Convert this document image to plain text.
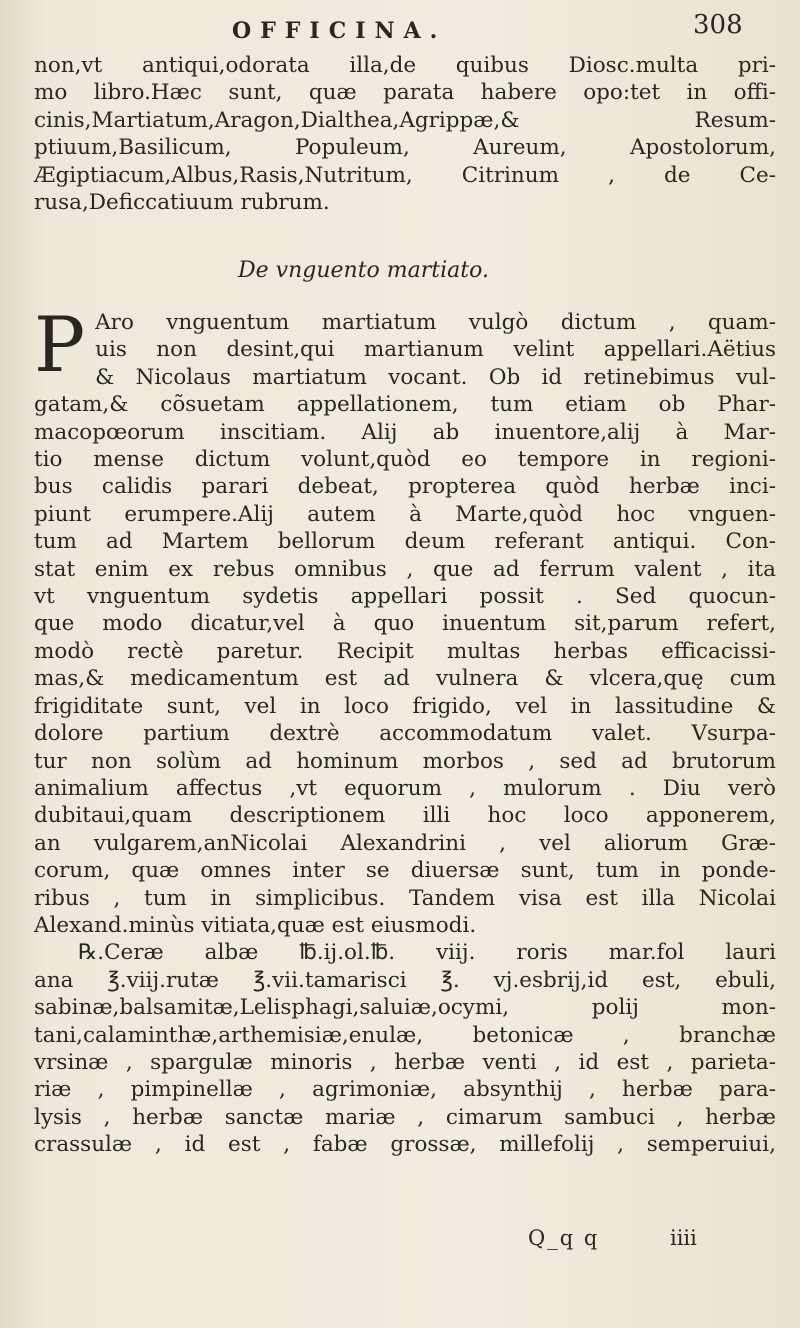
OFFICINA.	308
non,vt antiqui,odorata illa,de quibus Diosc.multa pri-
mo libro.Hæc sunt, quæ parata habere opo:tet in offi-
cinis,Martiatum,Aragon,Dialthea,Agrippæ,& Resum-
ptiuum,Basilicum, Populeum, Aureum, Apostolorum,
Ægiptiacum,Albus,Rasis,Nutritum, Citrinum , de Ce-
rusa,Deficcatiuum rubrum.
De vnguento martiato.
P Aro vnguentum martiatum vulgò dictum , quam-
uis non desint,qui martianum velint appellari.Aëtius
& Nicolaus martiatum vocant. Ob id retinebimus vul-
gatam,& cõsuetam appellationem, tum etiam ob Phar-
macopœorum inscitiam. Alij ab inuentore,alij à Mar-
tio mense dictum volunt,quòd eo tempore in regioni-
bus calidis parari debeat, propterea quòd herbæ inci-
piunt erumpere.Alij autem à Marte,quòd hoc vnguen-
tum ad Martem bellorum deum referant antiqui. Con-
stat enim ex rebus omnibus , que ad ferrum valent , ita
vt vnguentum sydetis appellari possit . Sed quocun-
que modo dicatur,vel à quo inuentum sit,parum refert,
modò rectè paretur. Recipit multas herbas efficacissi-
mas,& medicamentum est ad vulnera & vlcera,quę cum
frigiditate sunt, vel in loco frigido, vel in lassitudine &
dolore partium dextrè accommodatum valet. Vsurpa-
tur non solùm ad hominum morbos , sed ad brutorum
animalium affectus ,vt equorum , mulorum . Diu verò
dubitaui,quam descriptionem illi hoc loco apponerem,
an vulgarem,anNicolai Alexandrini , vel aliorum Græ-
corum, quæ omnes inter se diuersæ sunt, tum in ponde-
ribus , tum in simplicibus. Tandem visa est illa Nicolai
Alexand.minùs vitiata,quæ est eiusmodi.
℞.Ceræ albæ ℔.ij.ol.℔. viij. roris mar.fol lauri
ana ℥.viij.rutæ ℥.vii.tamarisci ℥. vj.esbrij,id est, ebuli,
sabinæ,balsamitæ,Lelisphagi,saluiæ,ocymi, polij mon-
tani,calaminthæ,arthemisiæ,enulæ, betonicæ , branchæ
vrsinæ , spargulæ minoris , herbæ venti , id est , parieta-
riæ , pimpinellæ , agrimoniæ, absynthij , herbæ para-
lysis , herbæ sanctæ mariæ , cimarum sambuci , herbæ
crassulæ , id est , fabæ grossæ, millefolij , semperuiui,
Q_q q	iiii
